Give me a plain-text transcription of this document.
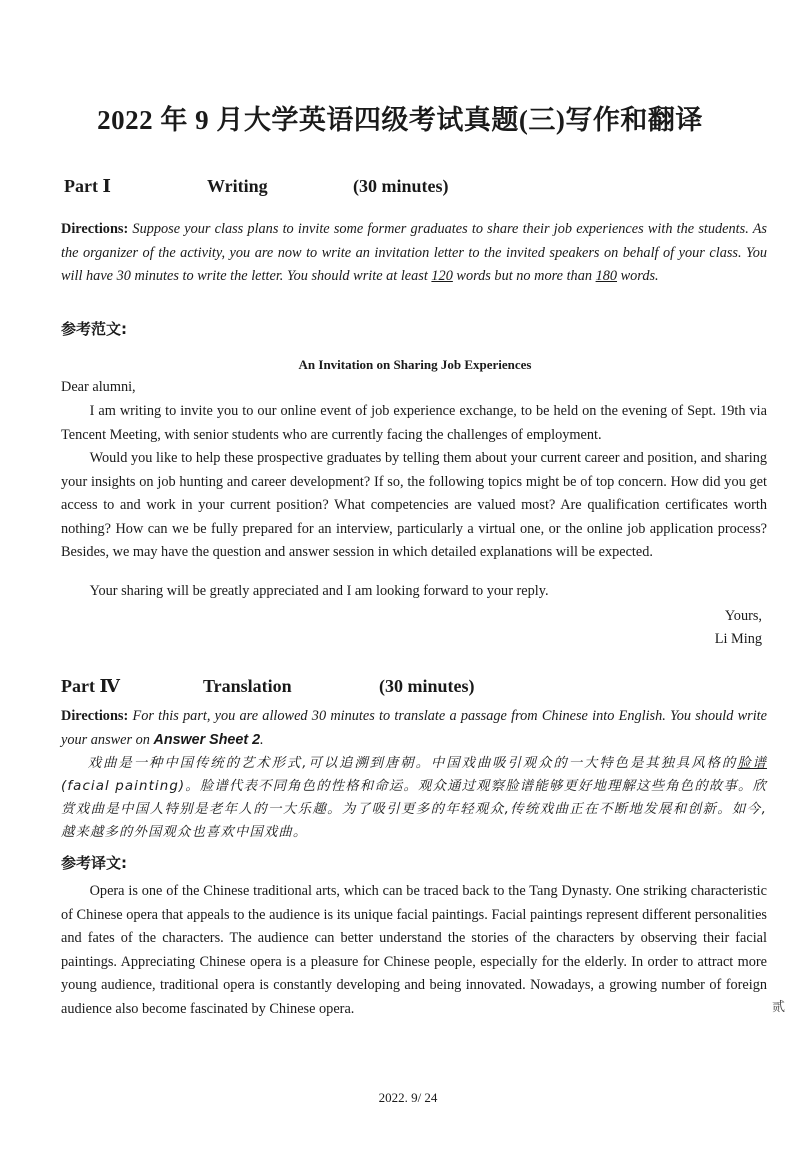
2022 年 9 月大学英语四级考试真题(三)写作和翻译
Part Ⅰ	Writing	(30 minutes)

Directions: Suppose your class plans to invite some former graduates to share their job experiences with the students. As the organizer of the activity, you are now to write an invitation letter to the invited speakers on behalf of your class. You will have 30 minutes to write the letter. You should write at least 120 words but no more than 180 words.

参考范文:
An Invitation on Sharing Job Experiences

Dear alumni,

I am writing to invite you to our online event of job experience exchange, to be held on the evening of Sept. 19th via Tencent Meeting, with senior students who are currently facing the challenges of employment.

Would you like to help these prospective graduates by telling them about your current career and position, and sharing your insights on job hunting and career development? If so, the following topics might be of top concern. How did you get access to and work in your current position? What competencies are valued most? Are qualification certificates worth nothing? How can we be fully prepared for an interview, particularly a virtual one, or the online job application process? Besides, we may have the question and answer session in which detailed explanations will be expected.

Your sharing will be greatly appreciated and I am looking forward to your reply.

Yours,
Li Ming
Part Ⅳ	Translation	(30 minutes)

Directions: For this part, you are allowed 30 minutes to translate a passage from Chinese into English. You should write your answer on Answer Sheet 2.

戏曲是一种中国传统的艺术形式,可以追溯到唐朝。中国戏曲吸引观众的一大特色是其独具风格的脸谱(facial painting)。脸谱代表不同角色的性格和命运。观众通过观察脸谱能够更好地理解这些角色的故事。欣赏戏曲是中国人特别是老年人的一大乐趣。为了吸引更多的年轻观众,传统戏曲正在不断地发展和创新。如今,越来越多的外国观众也喜欢中国戏曲。

参考译文:

Opera is one of the Chinese traditional arts, which can be traced back to the Tang Dynasty. One striking characteristic of Chinese opera that appeals to the audience is its unique facial paintings. Facial paintings represent different personalities and fates of the characters. The audience can better understand the stories of the characters by observing their facial paintings. Appreciating Chinese opera is a pleasure for Chinese people, especially for the elderly. In order to attract more young audience, traditional opera is constantly developing and being innovated. Nowadays, a growing number of foreign audience also become fascinated by Chinese opera.	贰
2022. 9/ 24
